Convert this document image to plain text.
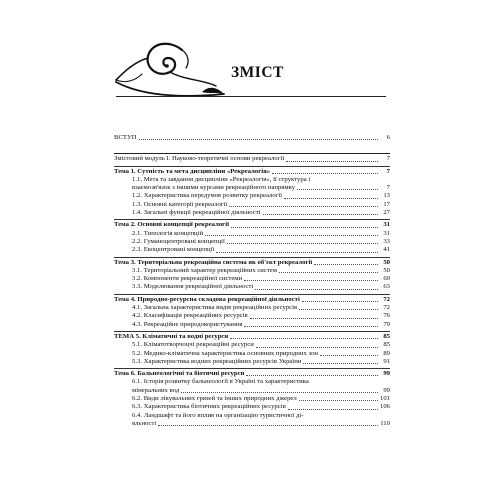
ЗМІСТ
ВСТУП	6
Змістовий модуль І. Науково-теоретичні основи рекреалогії	7
Тема 1. Сутність та мета дисципліни «Рекреалогія»	7
1.1. Мета та завдання дисципліни «Рекреалогія», її структура і
взаємозв'язок з іншими курсами рекреаційного напрямку	7
1.2. Характеристика передумов розвитку рекреалогії	13
1.3. Основні категорії рекреалогії	17
1.4. Загальні функції рекреаційної діяльності	27
Тема 2. Основні концепції рекреалогії	31
2.1. Типологія концепцій	31
2.2. Гуманоцентровані концепції	33
2.3. Екоцентровані концепції	41
Тема 3. Територіальна рекреаційна система як об'єкт рекреалогії	50
3.1. Територіальний характер рекреаційних систем	50
3.2. Компоненти рекреаційної системи	60
3.3. Моделювання рекреаційної діяльності	63
Тема 4. Природно-ресурсна складова рекреаційної діяльності	72
4.1. Загальна характеристика видів рекреаційних ресурсів	72
4.2. Класифікація рекреаційних ресурсів	76
4.3. Рекреаційне природокористування	79
ТЕМА 5. Кліматичні та водні ресурси	85
5.1. Кліматотворчоцчі рекреаційні ресурси	85
5.2. Медико-кліматична характеристика основних природних зон	89
5.3. Характеристика водних рекреаційних ресурсів України	91
Тема 6. Бальнеологічні та біотичні ресурси	99
6.1. Історія розвитку бальнеології в Україні та характеристика
мінеральних вод	99
6.2. Види лікувальних грязей та інших природних джерел	101
6.3. Характеристика біотичних рекреаційних ресурсів	106
6.4. Ландшафт та його вплив на організацію туристичної ді-
яльності	110
